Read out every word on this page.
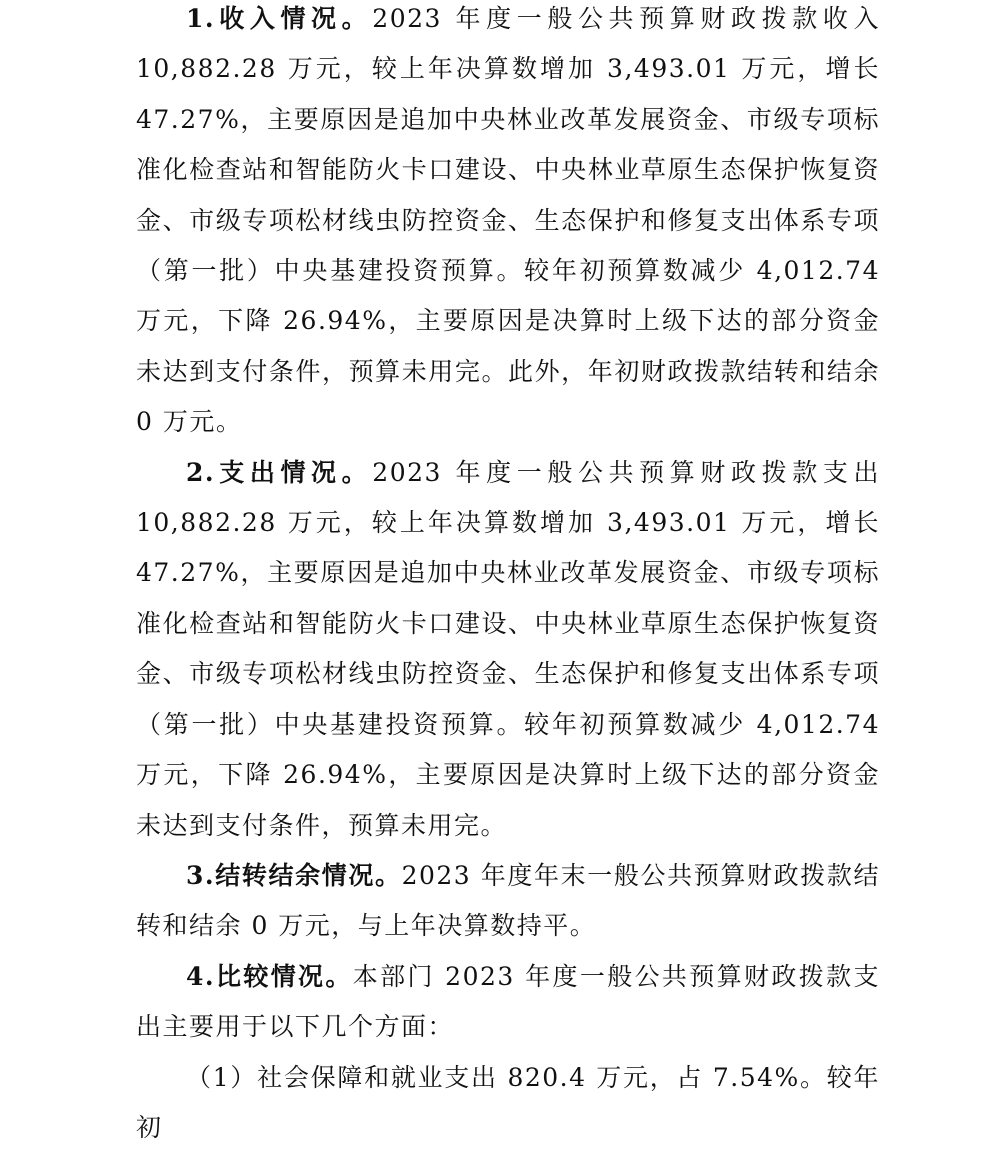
1.收入情况。2023 年度一般公共预算财政拨款收入 10,882.28 万元，较上年决算数增加 3,493.01 万元，增长 47.27%，主要原因是追加中央林业改革发展资金、市级专项标准化检查站和智能防火卡口建设、中央林业草原生态保护恢复资金、市级专项松材线虫防控资金、生态保护和修复支出体系专项（第一批）中央基建投资预算。较年初预算数减少 4,012.74 万元，下降 26.94%，主要原因是决算时上级下达的部分资金未达到支付条件，预算未用完。此外，年初财政拨款结转和结余 0 万元。

2.支出情况。2023 年度一般公共预算财政拨款支出 10,882.28 万元，较上年决算数增加 3,493.01 万元，增长 47.27%，主要原因是追加中央林业改革发展资金、市级专项标准化检查站和智能防火卡口建设、中央林业草原生态保护恢复资金、市级专项松材线虫防控资金、生态保护和修复支出体系专项（第一批）中央基建投资预算。较年初预算数减少 4,012.74 万元，下降 26.94%，主要原因是决算时上级下达的部分资金未达到支付条件，预算未用完。

3.结转结余情况。2023 年度年末一般公共预算财政拨款结转和结余 0 万元，与上年决算数持平。

4.比较情况。本部门 2023 年度一般公共预算财政拨款支出主要用于以下几个方面：

（1）社会保障和就业支出 820.4 万元，占 7.54%。较年初
